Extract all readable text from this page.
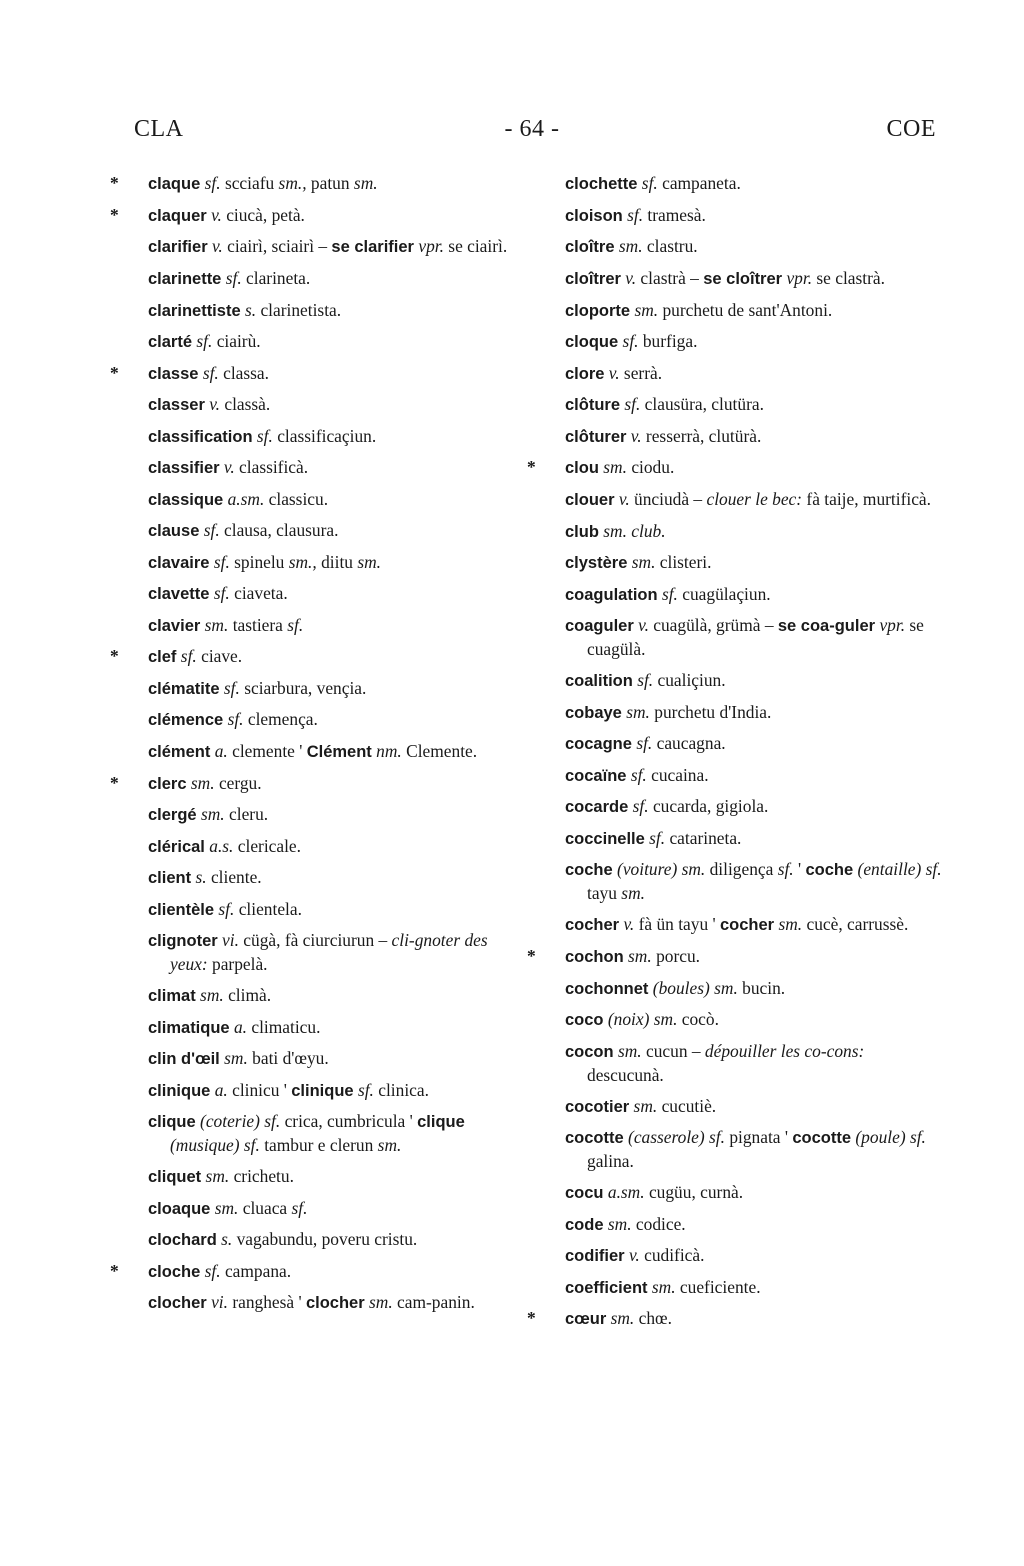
CLA	- 64 -	COE
* claque sf. scciafu sm., patun sm.
* claquer v. ciucà, petà.
clarifier v. ciairì, sciairì – se clarifier vpr. se ciairì.
clarinette sf. clarineta.
clarinettiste s. clarinetista.
clarté sf. ciairù.
* classe sf. classa.
classer v. classà.
classification sf. classificaçiun.
classifier v. classificà.
classique a.sm. classicu.
clause sf. clausa, clausura.
clavaire sf. spinelu sm., diitu sm.
clavette sf. ciaveta.
clavier sm. tastiera sf.
* clef sf. ciave.
clématite sf. sciarbura, vençia.
clémence sf. clemença.
clément a. clemente ' Clément nm. Clemente.
* clerc sm. cergu.
clergé sm. cleru.
clérical a.s. clericale.
client s. cliente.
clientèle sf. clientela.
clignoter vi. cügà, fà ciurciurun – cli-gnoter des yeux: parpelà.
climat sm. climà.
climatique a. climaticu.
clin d'œil sm. bati d'œyu.
clinique a. clinicu ' clinique sf. clinica.
clique (coterie) sf. crica, cumbricula ' clique (musique) sf. tambur e clerun sm.
cliquet sm. crichetu.
cloaque sm. cluaca sf.
clochard s. vagabundu, poveru cristu.
* cloche sf. campana.
clocher vi. ranghesà ' clocher sm. cam-panin.
clochette sf. campaneta.
cloison sf. tramesà.
cloître sm. clastru.
cloîtrer v. clastrà – se cloîtrer vpr. se clastrà.
cloporte sm. purchetu de sant'Antoni.
cloque sf. burfiga.
clore v. serrà.
clôture sf. clausüra, clutüra.
clôturer v. resserrà, clutürà.
* clou sm. ciodu.
clouer v. ünciudà – clouer le bec: fà taije, murtificà.
club sm. club.
clystère sm. clisteri.
coagulation sf. cuagülaçiun.
coaguler v. cuagülà, grümà – se coa-guler vpr. se cuagülà.
coalition sf. cualiçiun.
cobaye sm. purchetu d'India.
cocagne sf. caucagna.
cocaïne sf. cucaina.
cocarde sf. cucarda, gigiola.
coccinelle sf. catarineta.
coche (voiture) sm. diligença sf. ' coche (entaille) sf. tayu sm.
cocher v. fà ün tayu ' cocher sm. cucè, carrussè.
* cochon sm. porcu.
cochonnet (boules) sm. bucin.
coco (noix) sm. cocò.
cocon sm. cucun – dépouiller les co-cons: descucunà.
cocotier sm. cucutiè.
cocotte (casserole) sf. pignata ' cocotte (poule) sf. galina.
cocu a.sm. cugüu, curnà.
code sm. codice.
codifier v. cudificà.
coefficient sm. cueficiente.
* cœur sm. chœ.
